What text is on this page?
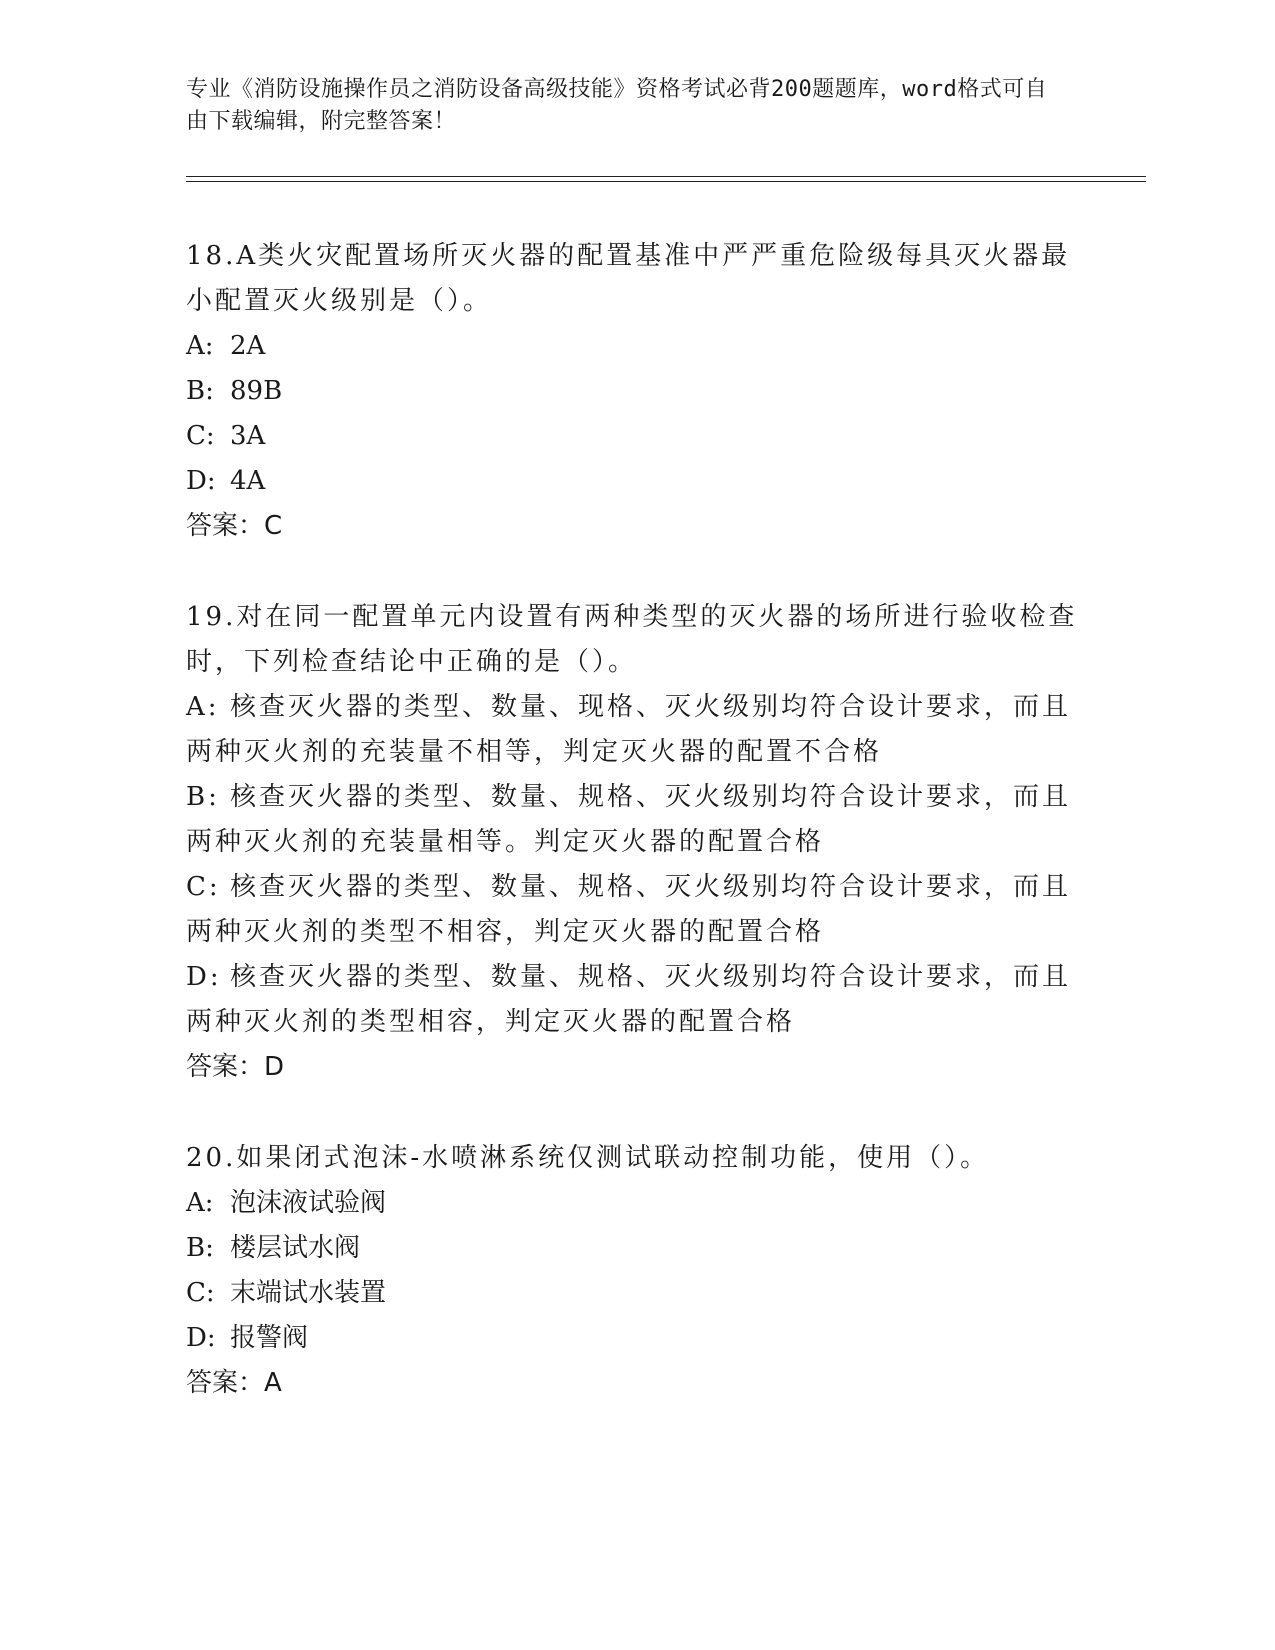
专业《消防设施操作员之消防设备高级技能》资格考试必背200题题库，word格式可自由下载编辑，附完整答案！
18.A类火灾配置场所灭火器的配置基准中严严重危险级每具灭火器最小配置灭火级别是（）。
A: 2A
B: 89B
C: 3A
D: 4A
答案：C
19.对在同一配置单元内设置有两种类型的灭火器的场所进行验收检查时，下列检查结论中正确的是（）。
A: 核查灭火器的类型、数量、现格、灭火级别均符合设计要求，而且两种灭火剂的充装量不相等，判定灭火器的配置不合格
B: 核查灭火器的类型、数量、规格、灭火级别均符合设计要求，而且两种灭火剂的充装量相等。判定灭火器的配置合格
C: 核查灭火器的类型、数量、规格、灭火级别均符合设计要求，而且两种灭火剂的类型不相容，判定灭火器的配置合格
D: 核查灭火器的类型、数量、规格、灭火级别均符合设计要求，而且两种灭火剂的类型相容，判定灭火器的配置合格
答案：D
20.如果闭式泡沫-水喷淋系统仅测试联动控制功能，使用（）。
A: 泡沫液试验阀
B: 楼层试水阀
C: 末端试水装置
D: 报警阀
答案：A
